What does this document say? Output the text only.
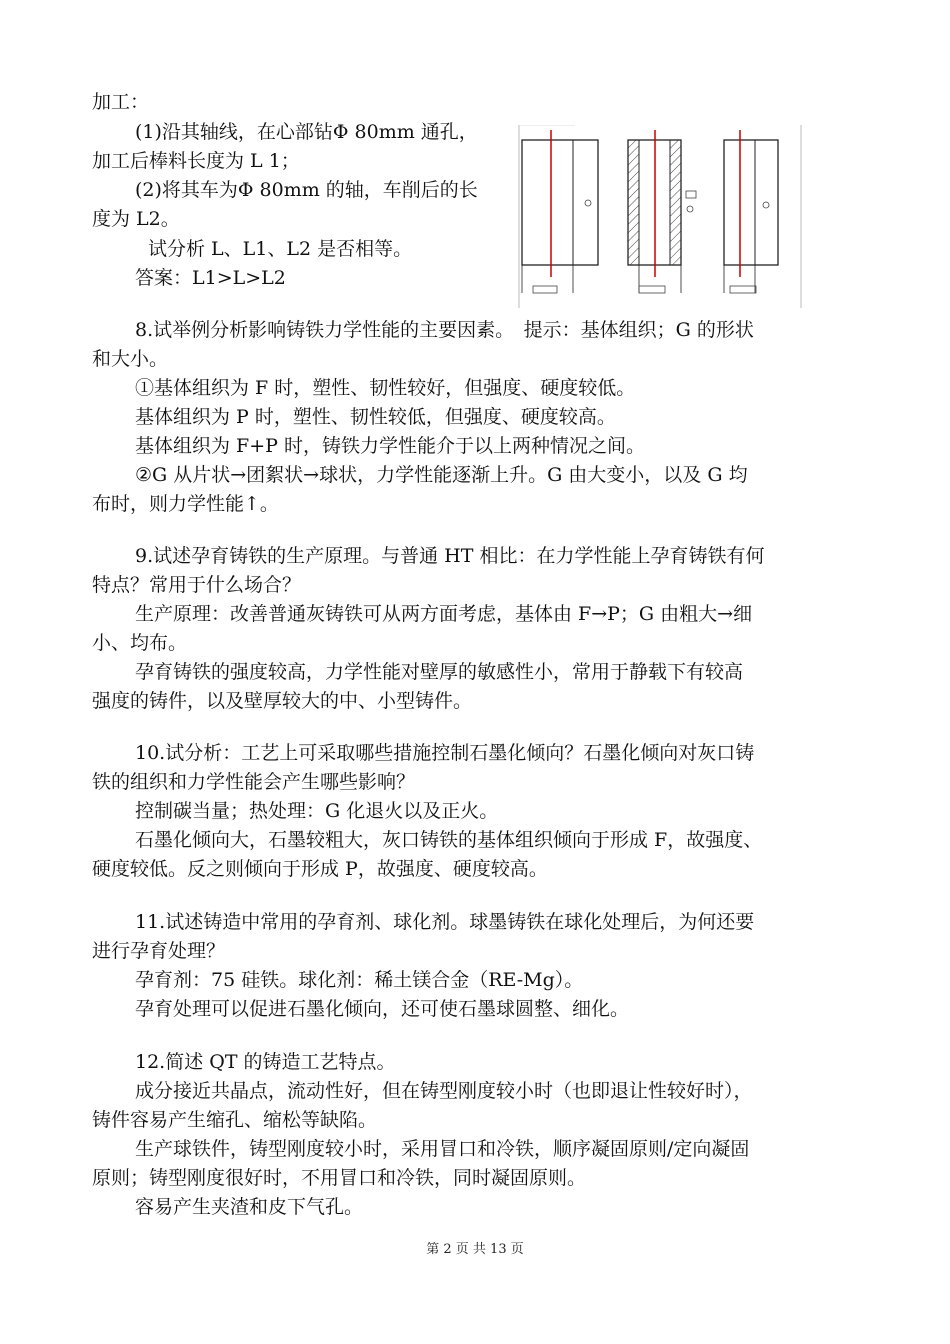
加工：
(1)沿其轴线，在心部钻Φ 80mm 通孔，
加工后棒料长度为 L 1；
(2)将其车为Φ 80mm 的轴，车削后的长
度为 L2。
试分析 L、L1、L2 是否相等。
答案：L1>L>L2
8.试举例分析影响铸铁力学性能的主要因素。　提示：基体组织；G 的形状
和大小。
①基体组织为 F 时，塑性、韧性较好，但强度、硬度较低。
基体组织为 P 时，塑性、韧性较低，但强度、硬度较高。
基体组织为 F+P 时，铸铁力学性能介于以上两种情况之间。
②G 从片状→团絮状→球状，力学性能逐渐上升。G 由大变小，以及 G 均
布时，则力学性能↑。
9.试述孕育铸铁的生产原理。与普通 HT 相比：在力学性能上孕育铸铁有何
特点？常用于什么场合？
生产原理：改善普通灰铸铁可从两方面考虑，基体由 F→P；G 由粗大→细
小、均布。
孕育铸铁的强度较高，力学性能对壁厚的敏感性小，常用于静载下有较高
强度的铸件，以及壁厚较大的中、小型铸件。
10.试分析：工艺上可采取哪些措施控制石墨化倾向？石墨化倾向对灰口铸
铁的组织和力学性能会产生哪些影响？
控制碳当量；热处理：G 化退火以及正火。
石墨化倾向大，石墨较粗大，灰口铸铁的基体组织倾向于形成 F，故强度、
硬度较低。反之则倾向于形成 P，故强度、硬度较高。
11.试述铸造中常用的孕育剂、球化剂。球墨铸铁在球化处理后，为何还要
进行孕育处理？
孕育剂：75 硅铁。球化剂：稀土镁合金（RE-Mg）。
孕育处理可以促进石墨化倾向，还可使石墨球圆整、细化。
12.简述 QT 的铸造工艺特点。
成分接近共晶点，流动性好，但在铸型刚度较小时（也即退让性较好时），
铸件容易产生缩孔、缩松等缺陷。
生产球铁件，铸型刚度较小时，采用冒口和冷铁，顺序凝固原则/定向凝固
原则；铸型刚度很好时，不用冒口和冷铁，同时凝固原则。
容易产生夹渣和皮下气孔。
第 2 页 共 13 页
